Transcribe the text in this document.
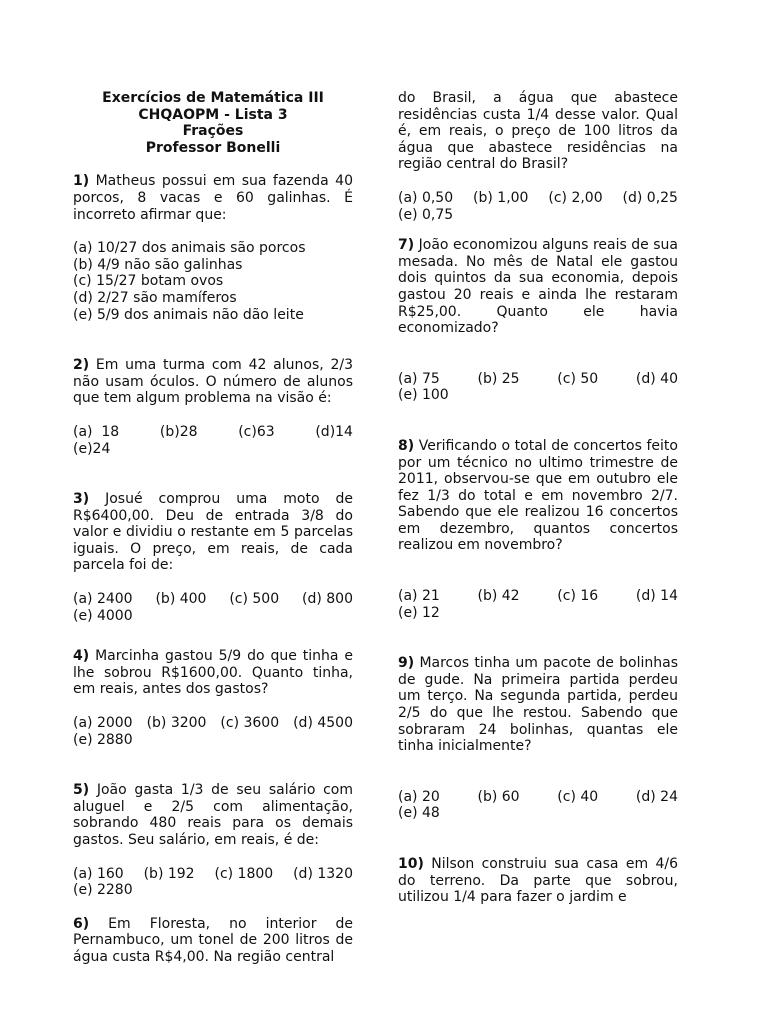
Exercícios de Matemática III
CHQAOPM - Lista 3
Frações
Professor Bonelli

1) Matheus possui em sua fazenda 40 porcos, 8 vacas e 60 galinhas. É incorreto afirmar que:

(a) 10/27 dos animais são porcos
(b) 4/9 não são galinhas
(c) 15/27 botam ovos
(d) 2/27 são mamíferos
(e) 5/9 dos animais não dão leite

2) Em uma turma com 42 alunos, 2/3 não usam óculos. O número de alunos que tem algum problema na visão é:

(a)  18	(b)28	(c)63	(d)14
(e)24

3) Josué comprou uma moto de R$6400,00. Deu de entrada 3/8 do valor e dividiu o restante em 5 parcelas iguais. O preço, em reais, de cada parcela foi de:

(a) 2400 (b) 400 (c) 500 (d) 800
(e) 4000

4) Marcinha gastou 5/9 do que tinha e lhe sobrou R$1600,00. Quanto tinha, em reais, antes dos gastos?

(a) 2000 (b) 3200 (c) 3600 (d) 4500
(e) 2880

5) João gasta 1/3 de seu salário com aluguel e 2/5 com alimentação, sobrando 480 reais para os demais gastos. Seu salário, em reais, é de:

(a) 160 (b) 192 (c) 1800 (d) 1320
(e) 2280

6) Em Floresta, no interior de Pernambuco, um tonel de 200 litros de água custa R$4,00. Na região central

do Brasil, a água que abastece residências custa 1/4 desse valor. Qual é, em reais, o preço de 100 litros da água que abastece residências na região central do Brasil?

(a) 0,50 (b) 1,00 (c) 2,00 (d) 0,25
(e) 0,75

7) João economizou alguns reais de sua mesada. No mês de Natal ele gastou dois quintos da sua economia, depois gastou 20 reais e ainda lhe restaram R$25,00. Quanto ele havia economizado?

(a) 75	(b) 25	(c) 50	(d) 40
(e) 100

8) Verificando o total de concertos feito por um técnico no ultimo trimestre de 2011, observou-se que em outubro ele fez 1/3 do total e em novembro 2/7. Sabendo que ele realizou 16 concertos em dezembro, quantos concertos realizou em novembro?

(a) 21	(b) 42	(c) 16	(d) 14
(e) 12

9) Marcos tinha um pacote de bolinhas de gude. Na primeira partida perdeu um terço. Na segunda partida, perdeu 2/5 do que lhe restou. Sabendo que sobraram 24 bolinhas, quantas ele tinha inicialmente?

(a) 20	(b) 60	(c) 40	(d) 24
(e) 48

10) Nilson construiu sua casa em 4/6 do terreno. Da parte que sobrou, utilizou 1/4 para fazer o jardim e
